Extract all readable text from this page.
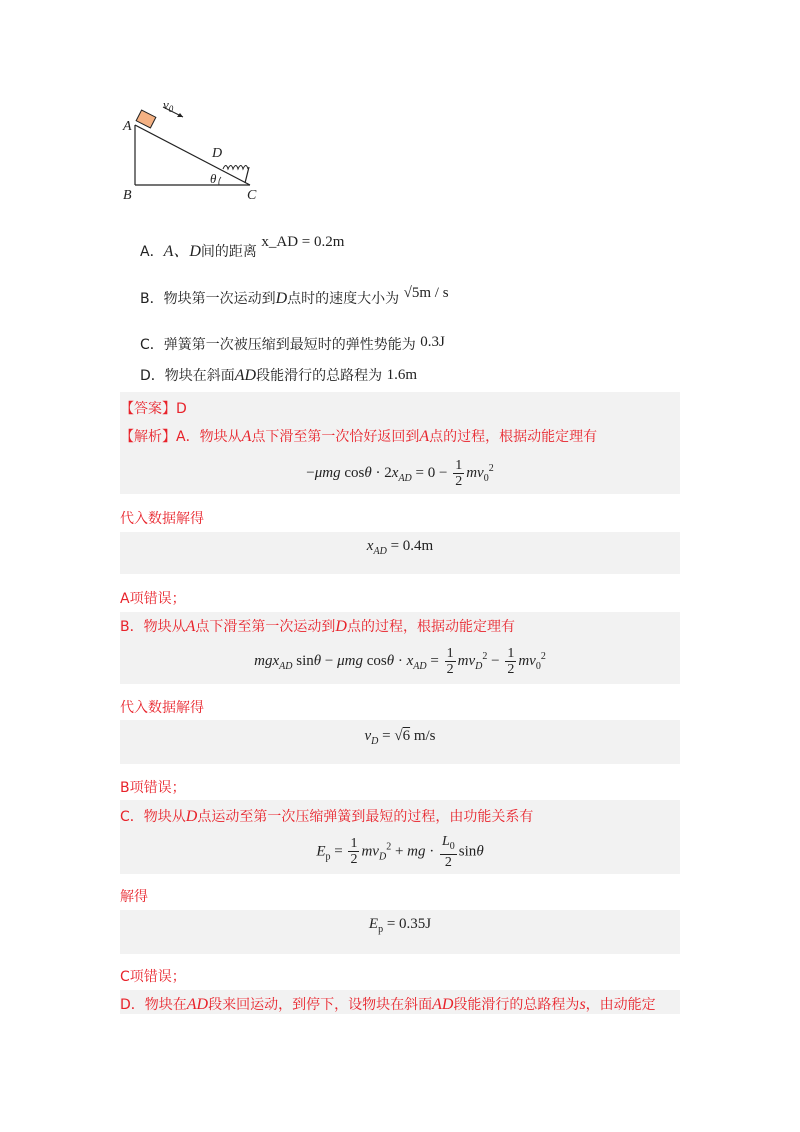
$v_0$
A
D
θ
B	C
A．A、D间的距离 x_AD = 0.2m
B．物块第一次运动到D点时的速度大小为 √5m / s
C．弹簧第一次被压缩到最短时的弹性势能为 0.3J
D．物块在斜面AD段能滑行的总路程为 1.6m
【答案】D
【解析】A．物块从A点下滑至第一次恰好返回到A点的过程，根据动能定理有
−μmg $\cos\theta \cdot 2x_{AD} = 0 - \frac{1}{2} mv_0^2$
代入数据解得
$x_{AD} = 0.4m$
A项错误；
B．物块从A点下滑至第一次运动到D点的过程，根据动能定理有
mgx$_{AD}$ sinθ − μmg $\cos\theta \cdot x_{AD} = \frac{1}{2} mv_D^2 - \frac{1}{2} mv_0^2$
代入数据解得
$v_D = √6$ m/s
B项错误；
C．物块从D点运动至第一次压缩弹簧到最短的过程，由功能关系有
$E_p = \frac{1}{2} mv_D^2$ + mg · $\frac{L_0}{2}$ sinθ
解得
$E_p = 0.35J$
C项错误；
D．物块在AD段来回运动，到停下，设物块在斜面AD段能滑行的总路程为s，由动能定
